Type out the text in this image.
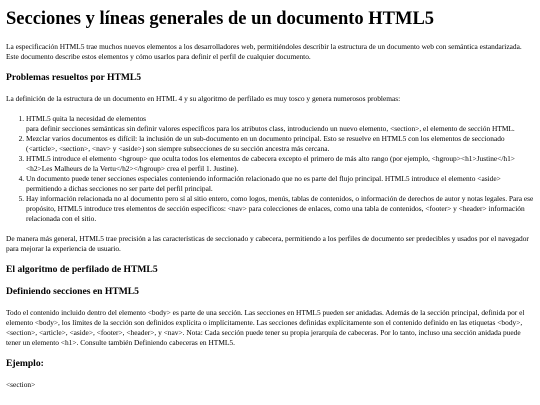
Secciones y líneas generales de un documento HTML5

La especificación HTML5 trae muchos nuevos elementos a los desarrolladores web, permitiéndoles describir la estructura de un documento web con semántica estandarizada. Este documento describe estos elementos y cómo usarlos para definir el perfil de cualquier documento.

Problemas resueltos por HTML5

La definición de la estructura de un documento en HTML 4 y su algoritmo de perfilado es muy tosco y genera numerosos problemas:

1. HTML5 quita la necesidad de elementos
para definir secciones semánticas sin definir valores específicos para los atributos class, introduciendo un nuevo elemento, <section>, el elemento de sección HTML.
2. Mezclar varios documentos es difícil: la inclusión de un sub-documento en un documento principal. Esto se resuelve en HTML5 con los elementos de seccionado (<article>, <section>, <nav> y <aside>) son siempre subsecciones de su sección ancestra más cercana.
3. HTML5 introduce el elemento <hgroup> que oculta todos los elementos de cabecera excepto el primero de más alto rango (por ejemplo, <hgroup><h1>Justine</h1><h2>Les Malheurs de la Vertu</h2></hgroup> crea el perfil 1. Justine).
4. Un documento puede tener secciones especiales conteniendo información relacionado que no es parte del flujo principal. HTML5 introduce el elemento <aside> permitiendo a dichas secciones no ser parte del perfil principal.
5. Hay información relacionada no al documento pero sí al sitio entero, como logos, menús, tablas de contenidos, o información de derechos de autor y notas legales. Para ese propósito, HTML5 introduce tres elementos de sección específicos: <nav> para colecciones de enlaces, como una tabla de contenidos, <footer> y <header> información relacionada con el sitio.

De manera más general, HTML5 trae precisión a las características de seccionado y cabecera, permitiendo a los perfiles de documento ser predecibles y usados por el navegador para mejorar la experiencia de usuario.

El algoritmo de perfilado de HTML5
Definiendo secciones en HTML5

Todo el contenido incluido dentro del elemento <body> es parte de una sección. Las secciones en HTML5 pueden ser anidadas. Además de la sección principal, definida por el elemento <body>, los límites de la sección son definidos explícita o implícitamente. Las secciones definidas explícitamente son el contenido definido en las etiquetas <body>, <section>, <article>, <aside>, <footer>, <header>, y <nav>. Nota: Cada sección puede tener su propia jerarquía de cabeceras. Por lo tanto, incluso una sección anidada puede tener un elemento <h1>. Consulte también Definiendo cabeceras en HTML5.

Ejemplo:
<section>
